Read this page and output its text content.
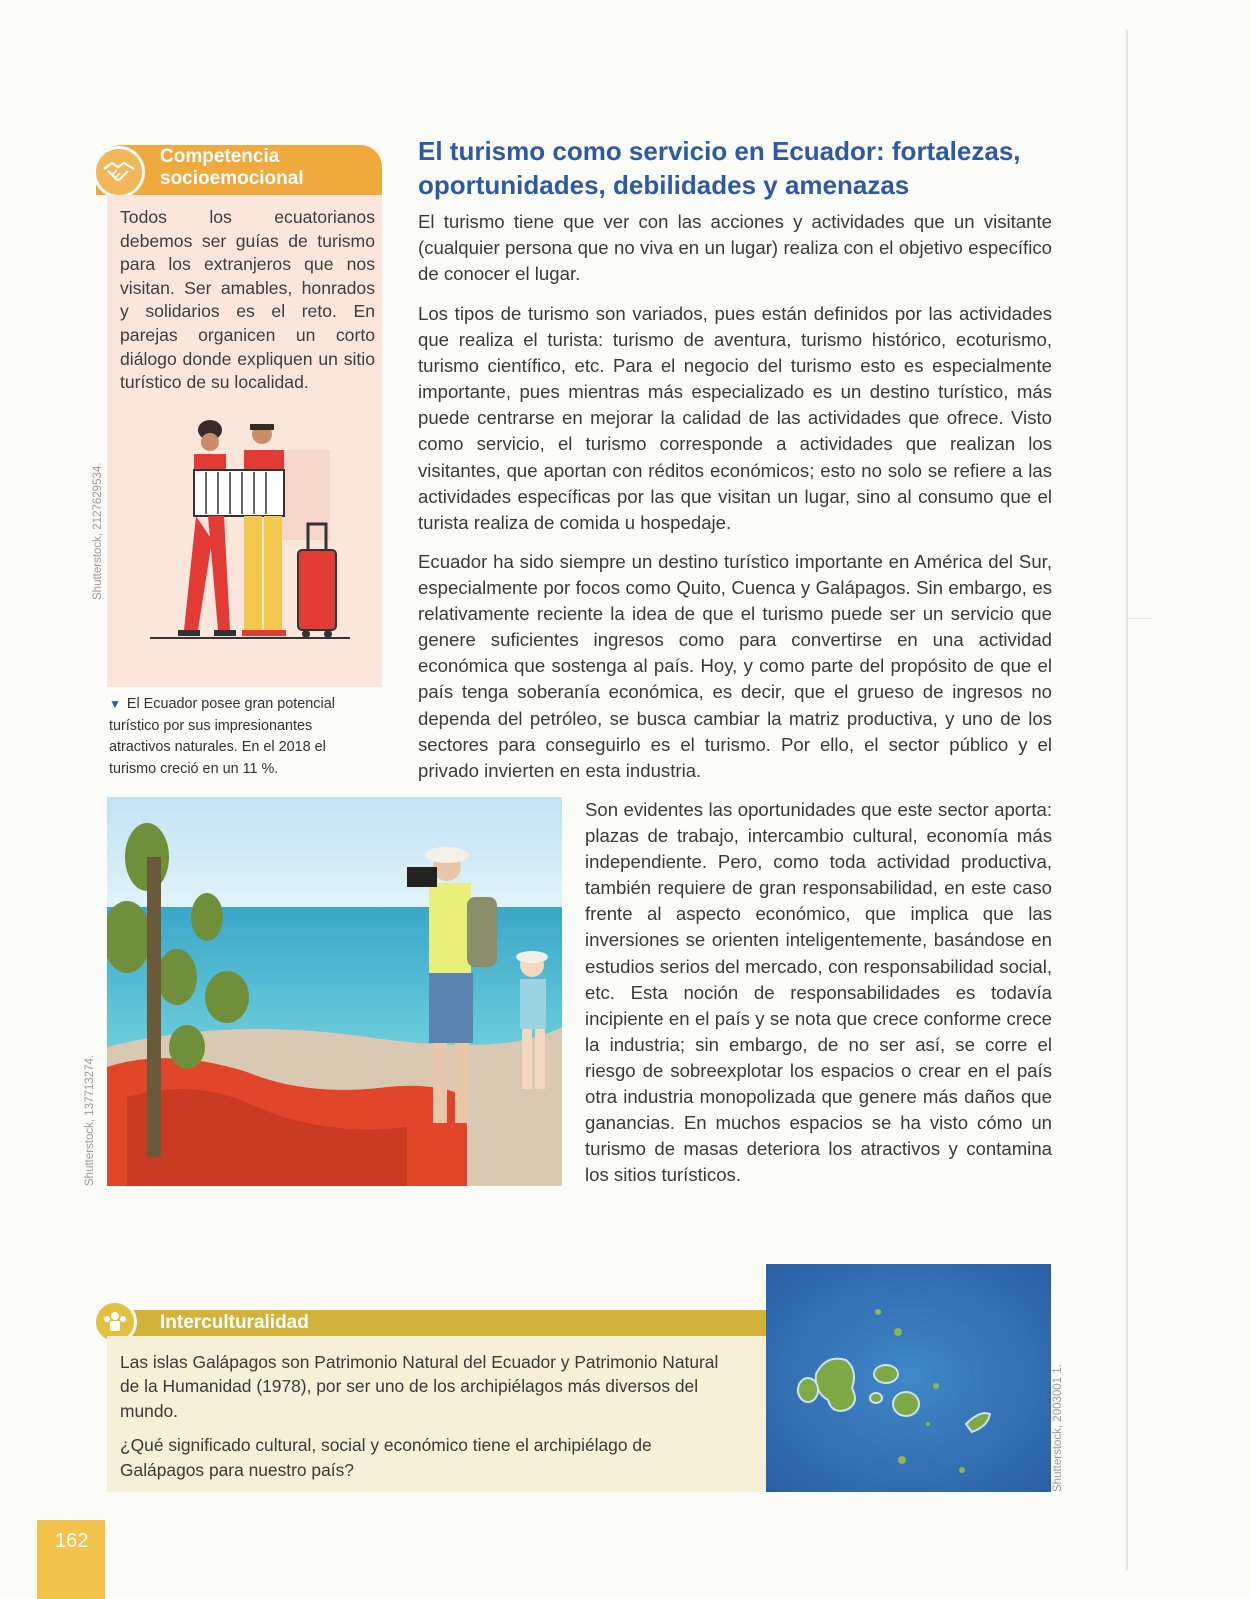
Competencia
socioemocional
Todos los ecuatorianos debemos ser guías de turismo para los extranjeros que nos visitan. Ser amables, honrados y solidarios es el reto. En parejas organicen un corto diálogo donde expliquen un sitio turístico de su localidad.
Shutterstock, 2127629534.
▼ El Ecuador posee gran potencial turístico por sus impresionantes atractivos naturales. En el 2018 el turismo creció en un 11 %.
El turismo como servicio en Ecuador: fortalezas, oportunidades, debilidades y amenazas
El turismo tiene que ver con las acciones y actividades que un visitante (cualquier persona que no viva en un lugar) realiza con el objetivo específico de conocer el lugar.
Los tipos de turismo son variados, pues están definidos por las actividades que realiza el turista: turismo de aventura, turismo histórico, ecoturismo, turismo científico, etc. Para el negocio del turismo esto es especialmente importante, pues mientras más especializado es un destino turístico, más puede centrarse en mejorar la calidad de las actividades que ofrece. Visto como servicio, el turismo corresponde a actividades que realizan los visitantes, que aportan con réditos económicos; esto no solo se refiere a las actividades específicas por las que visitan un lugar, sino al consumo que el turista realiza de comida u hospedaje.
Ecuador ha sido siempre un destino turístico importante en América del Sur, especialmente por focos como Quito, Cuenca y Galápagos. Sin embargo, es relativamente reciente la idea de que el turismo puede ser un servicio que genere suficientes ingresos como para convertirse en una actividad económica que sostenga al país. Hoy, y como parte del propósito de que el país tenga soberanía económica, es decir, que el grueso de ingresos no dependa del petróleo, se busca cambiar la matriz productiva, y uno de los sectores para conseguirlo es el turismo. Por ello, el sector público y el privado invierten en esta industria.
Son evidentes las oportunidades que este sector aporta: plazas de trabajo, intercambio cultural, economía más independiente. Pero, como toda actividad productiva, también requiere de gran responsabilidad, en este caso frente al aspecto económico, que implica que las inversiones se orienten inteligentemente, basándose en estudios serios del mercado, con responsabilidad social, etc. Esta noción de responsabilidades es todavía incipiente en el país y se nota que crece conforme crece la industria; sin embargo, de no ser así, se corre el riesgo de sobreexplotar los espacios o crear en el país otra industria monopolizada que genere más daños que ganancias. En muchos espacios se ha visto cómo un turismo de masas deteriora los atractivos y contamina los sitios turísticos.
Shutterstock, 137713274.
Interculturalidad

Las islas Galápagos son Patrimonio Natural del Ecuador y Patrimonio Natural de la Humanidad (1978), por ser uno de los archipiélagos más diversos del mundo.

¿Qué significado cultural, social y económico tiene el archipiélago de Galápagos para nuestro país?	Shutterstock, 2003001 1.
162
